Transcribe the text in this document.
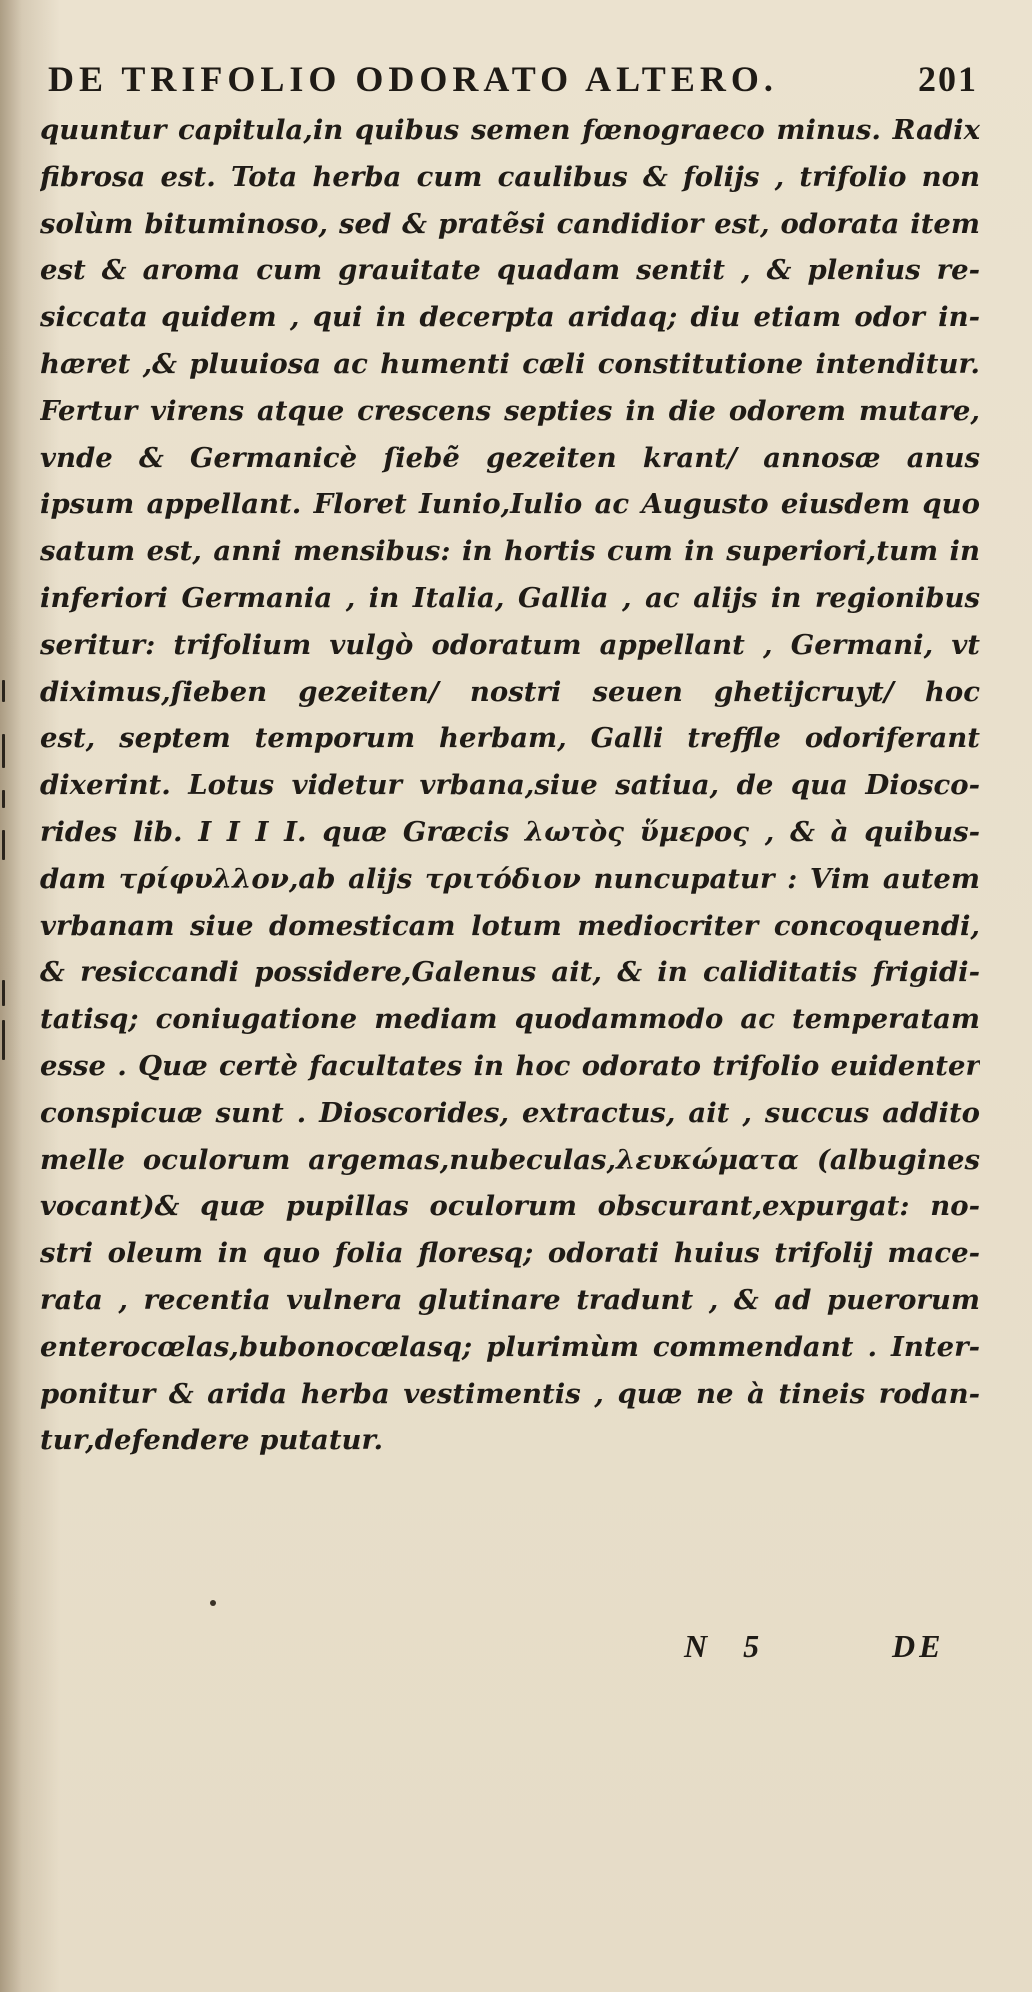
DE TRIFOLIO ODORATO ALTERO.	201
quuntur capitula,in quibus semen fœnograeco minus. Radix
fibrosa est. Tota herba cum caulibus & folijs , trifolio non
solùm bituminoso, sed & pratẽsi candidior est, odorata item
est & aroma cum grauitate quadam sentit , & plenius re-
siccata quidem , qui in decerpta aridaq; diu etiam odor in-
hæret ,& pluuiosa ac humenti cæli constitutione intenditur.
Fertur virens atque crescens septies in die odorem mutare,
vnde & Germanicè ſiebẽ gezeiten krant/ annosæ anus
ipsum appellant. Floret Iunio,Iulio ac Augusto eiusdem quo
satum est, anni mensibus: in hortis cum in superiori,tum in
inferiori Germania , in Italia, Gallia , ac alijs in regionibus
seritur: trifolium vulgò odoratum appellant , Germani, vt
diximus,ſieben gezeiten/ nostri seuen ghetijcruyt/ hoc
est, septem temporum herbam, Galli treffle odoriferant
dixerint. Lotus videtur vrbana,siue satiua, de qua Diosco-
rides lib. I I I I. quæ Græcis λωτὸς ὕμερος , & à quibus-
dam τρίφυλλον,ab alijs τριτόδιον nuncupatur : Vim autem
vrbanam siue domesticam lotum mediocriter concoquendi,
& resiccandi possidere,Galenus ait, & in caliditatis frigidi-
tatisq; coniugatione mediam quodammodo ac temperatam
esse . Quæ certè facultates in hoc odorato trifolio euidenter
conspicuæ sunt . Dioscorides, extractus, ait , succus addito
melle oculorum argemas,nubeculas,λευκώματα (albugines
vocant)& quæ pupillas oculorum obscurant,expurgat: no-
stri oleum in quo folia floresq; odorati huius trifolij mace-
rata , recentia vulnera glutinare tradunt , & ad puerorum
enterocœlas,bubonocœlasq; plurimùm commendant . Inter-
ponitur & arida herba vestimentis , quæ ne à tineis rodan-
tur,defendere putatur.
N 5	DE
